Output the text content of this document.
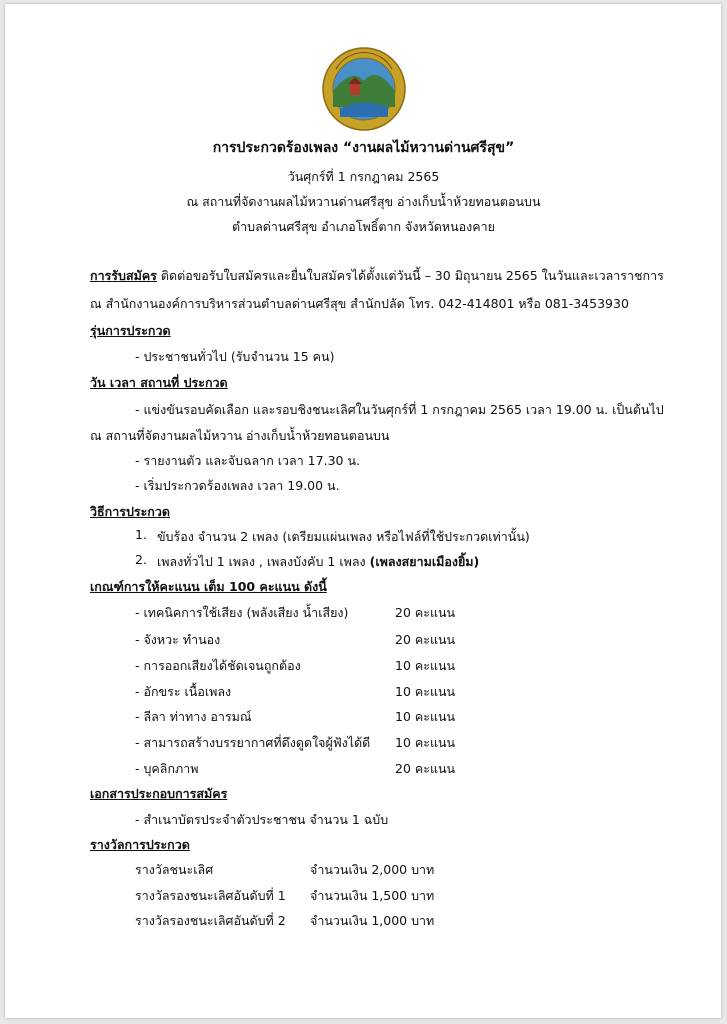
การประกวดร้องเพลง “งานผลไม้หวานด่านศรีสุข”
วันศุกร์ที่ 1 กรกฎาคม 2565
ณ สถานที่จัดงานผลไม้หวานด่านศรีสุข อ่างเก็บน้ำห้วยทอนตอนบน
ตำบลด่านศรีสุข อำเภอโพธิ์ตาก จังหวัดหนองคาย
การรับสมัคร ติดต่อขอรับใบสมัครและยื่นใบสมัครได้ตั้งแต่วันนี้ – 30 มิถุนายน 2565 ในวันและเวลาราชการ
ณ สำนักงานองค์การบริหารส่วนตำบลด่านศรีสุข สำนักปลัด โทร. 042-414801 หรือ 081-3453930
รุ่นการประกวด
- ประชาชนทั่วไป (รับจำนวน 15 คน)
วัน เวลา สถานที่ ประกวด
- แข่งขันรอบคัดเลือก และรอบชิงชนะเลิศในวันศุกร์ที่ 1 กรกฎาคม 2565 เวลา 19.00 น. เป็นต้นไป
ณ สถานที่จัดงานผลไม้หวาน อ่างเก็บน้ำห้วยทอนตอนบน
- รายงานตัว และจับฉลาก เวลา 17.30 น.
- เริ่มประกวดร้องเพลง เวลา 19.00 น.
วิธีการประกวด
1. ขับร้อง จำนวน 2 เพลง (เตรียมแผ่นเพลง หรือไฟล์ที่ใช้ประกวดเท่านั้น)
2. เพลงทั่วไป 1 เพลง , เพลงบังคับ 1 เพลง (เพลงสยามเมืองยิ้ม)
เกณฑ์การให้คะแนน เต็ม 100 คะแนน ดังนี้
- เทคนิคการใช้เสียง (พลังเสียง น้ำเสียง)	20 คะแนน
- จังหวะ ทำนอง	20 คะแนน
- การออกเสียงได้ชัดเจนถูกต้อง	10 คะแนน
- อักขระ เนื้อเพลง	10 คะแนน
- ลีลา ท่าทาง อารมณ์	10 คะแนน
- สามารถสร้างบรรยากาศที่ดึงดูดใจผู้ฟังได้ดี 10 คะแนน
- บุคลิกภาพ	20 คะแนน
เอกสารประกอบการสมัคร
- สำเนาบัตรประจำตัวประชาชน จำนวน 1 ฉบับ
รางวัลการประกวด
รางวัลชนะเลิศ	จำนวนเงิน 2,000 บาท
รางวัลรองชนะเลิศอันดับที่ 1 จำนวนเงิน 1,500 บาท
รางวัลรองชนะเลิศอันดับที่ 2 จำนวนเงิน 1,000 บาท
